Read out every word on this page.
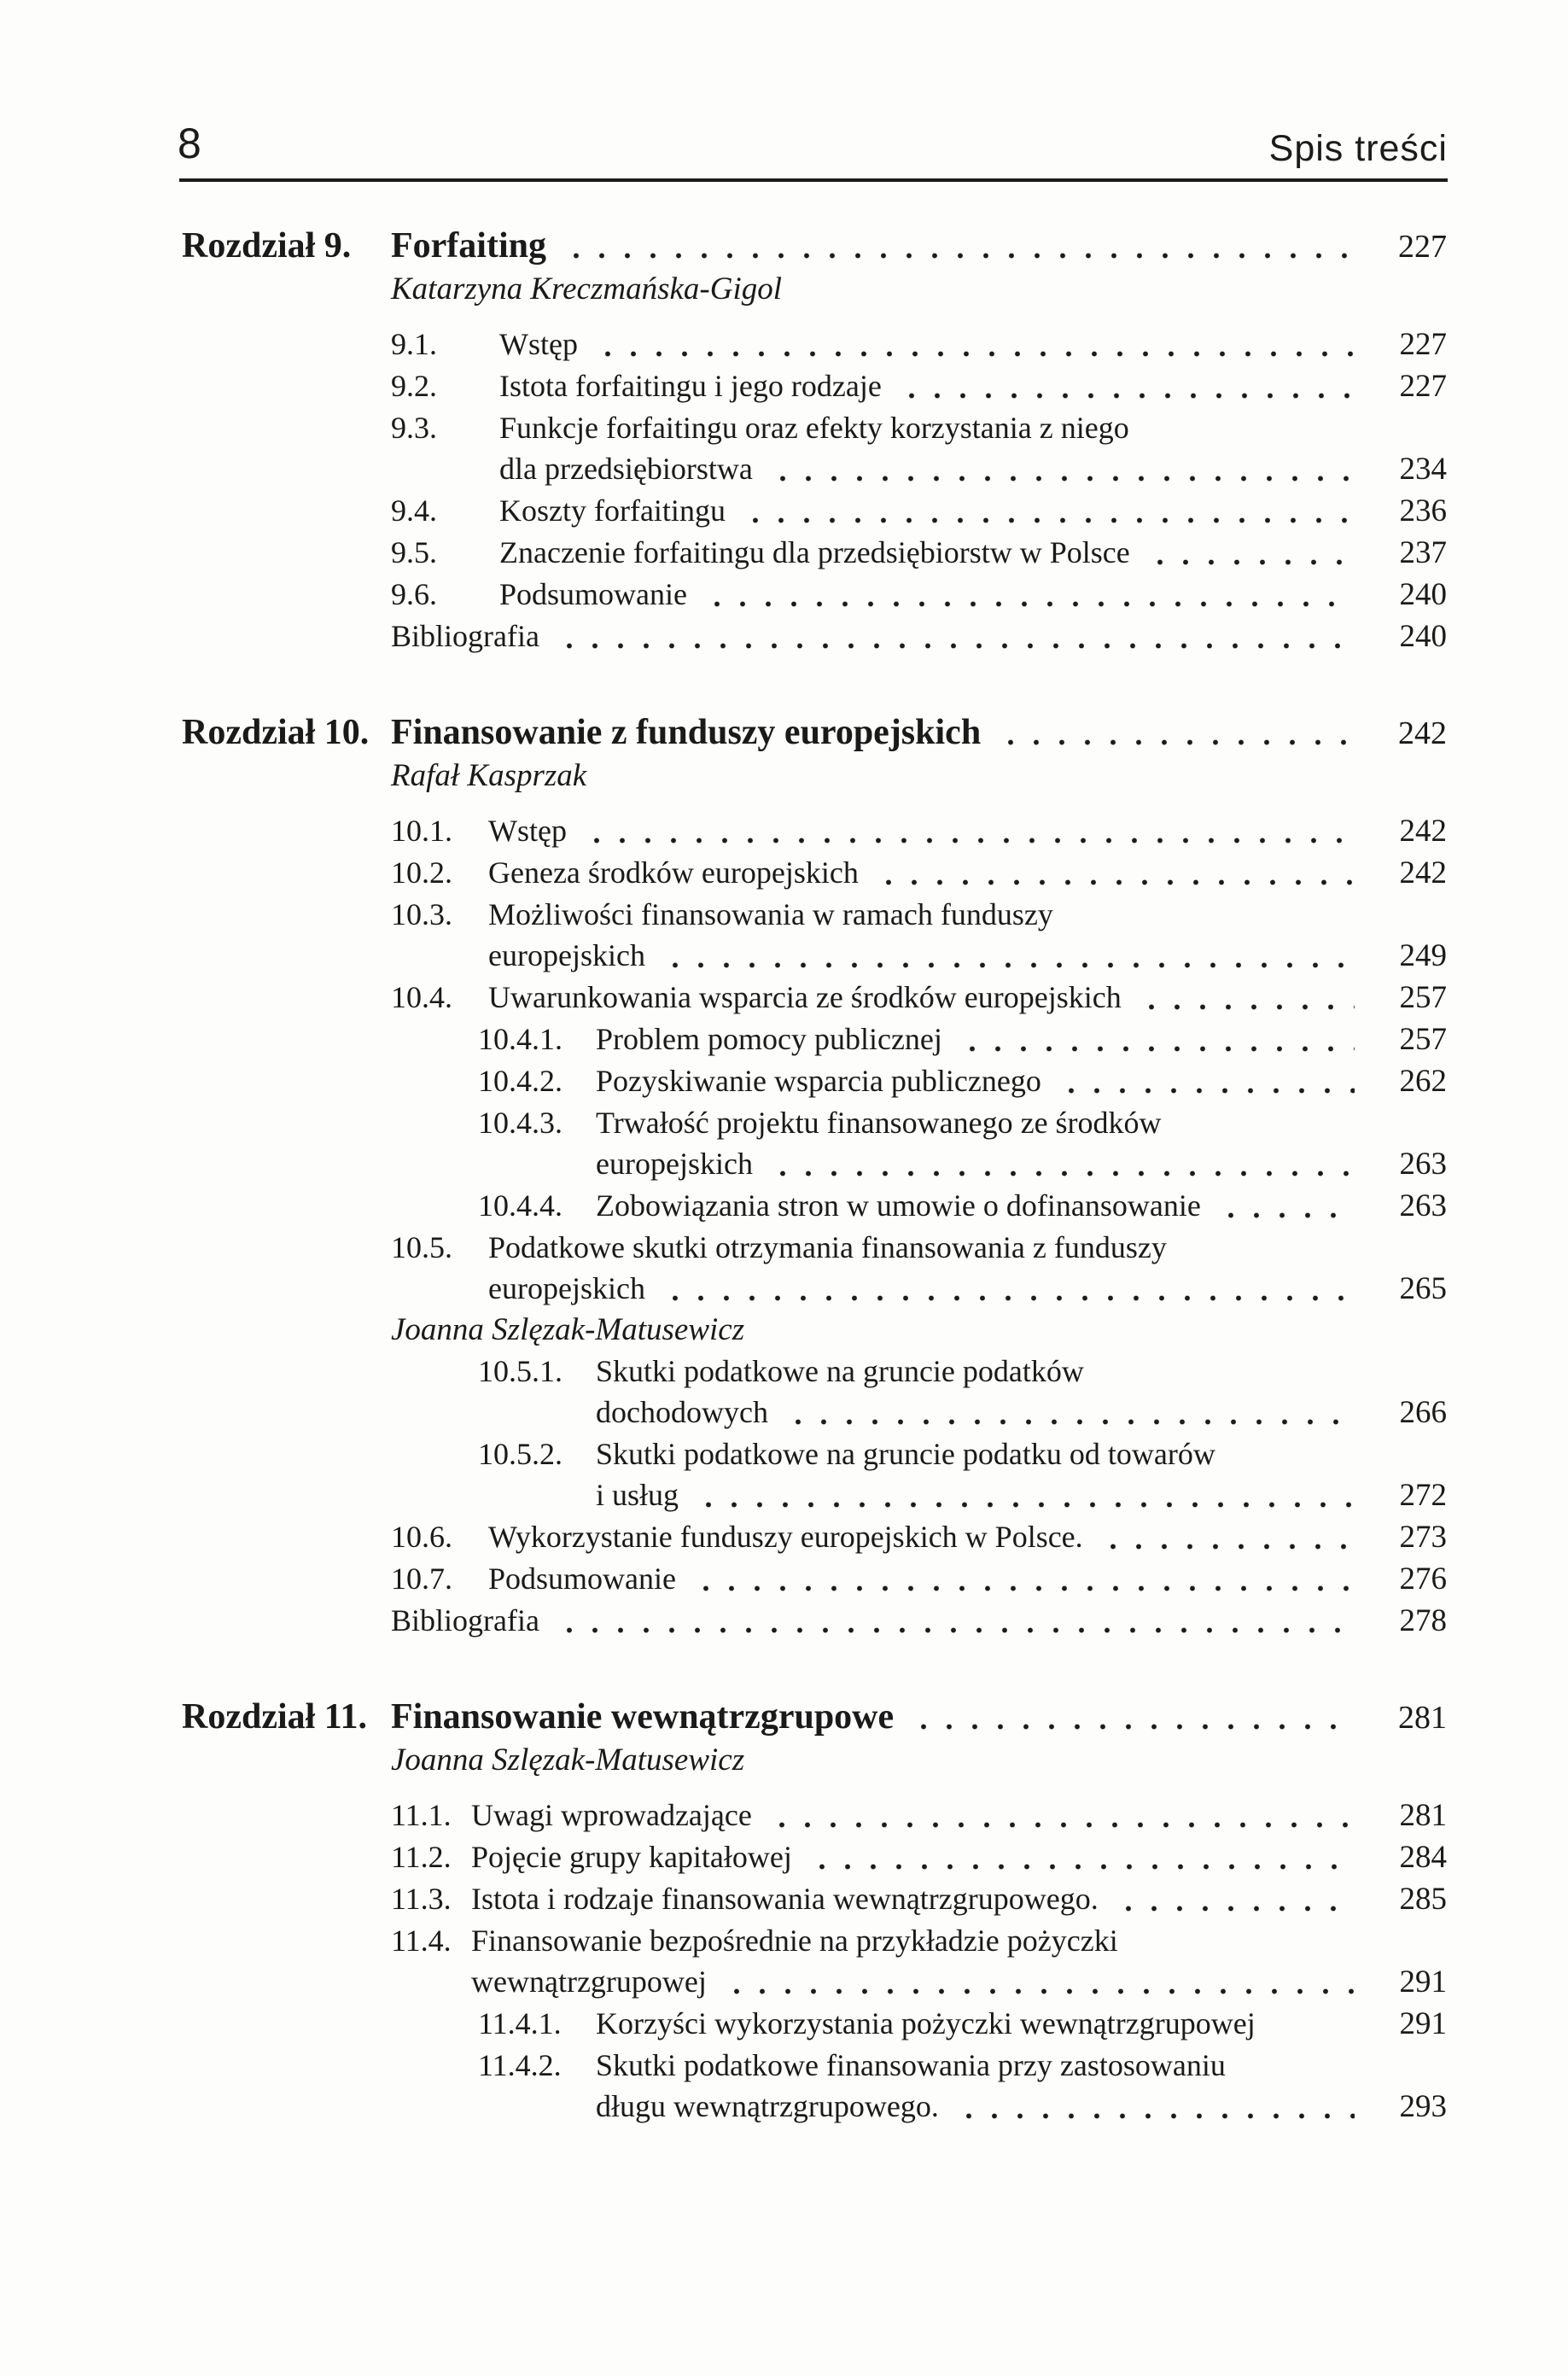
8	Spis treści
Rozdział 9.	Forfaiting	227
Katarzyna Kreczmańska-Gigol
9.1.	Wstęp	227
9.2.	Istota forfaitingu i jego rodzaje	227
9.3.	Funkcje forfaitingu oraz efekty korzystania z niego
dla przedsiębiorstwa	234
9.4.	Koszty forfaitingu	236
9.5.	Znaczenie forfaitingu dla przedsiębiorstw w Polsce	237
9.6.	Podsumowanie	240
Bibliografia	240
Rozdział 10. Finansowanie z funduszy europejskich	242
Rafał Kasprzak
10.1.	Wstęp	242
10.2.	Geneza środków europejskich	242
10.3.	Możliwości finansowania w ramach funduszy
europejskich	249
10.4.	Uwarunkowania wsparcia ze środków europejskich	257
10.4.1.	Problem pomocy publicznej	257
10.4.2.	Pozyskiwanie wsparcia publicznego	262
10.4.3.	Trwałość projektu finansowanego ze środków
europejskich	263
10.4.4.	Zobowiązania stron w umowie o dofinansowanie	263
10.5.	Podatkowe skutki otrzymania finansowania z funduszy
europejskich	265
Joanna Szlęzak-Matusewicz
10.5.1.	Skutki podatkowe na gruncie podatków
dochodowych	266
10.5.2.	Skutki podatkowe na gruncie podatku od towarów
i usług	272
10.6.	Wykorzystanie funduszy europejskich w Polsce.	273
10.7.	Podsumowanie	276
Bibliografia	278
Rozdział 11. Finansowanie wewnątrzgrupowe	281
Joanna Szlęzak-Matusewicz
11.1. Uwagi wprowadzające	281
11.2. Pojęcie grupy kapitałowej	284
11.3. Istota i rodzaje finansowania wewnątrzgrupowego.	285
11.4. Finansowanie bezpośrednie na przykładzie pożyczki
wewnątrzgrupowej	291
11.4.1.	Korzyści wykorzystania pożyczki wewnątrzgrupowej	291
11.4.2.	Skutki podatkowe finansowania przy zastosowaniu
długu wewnątrzgrupowego.	293
